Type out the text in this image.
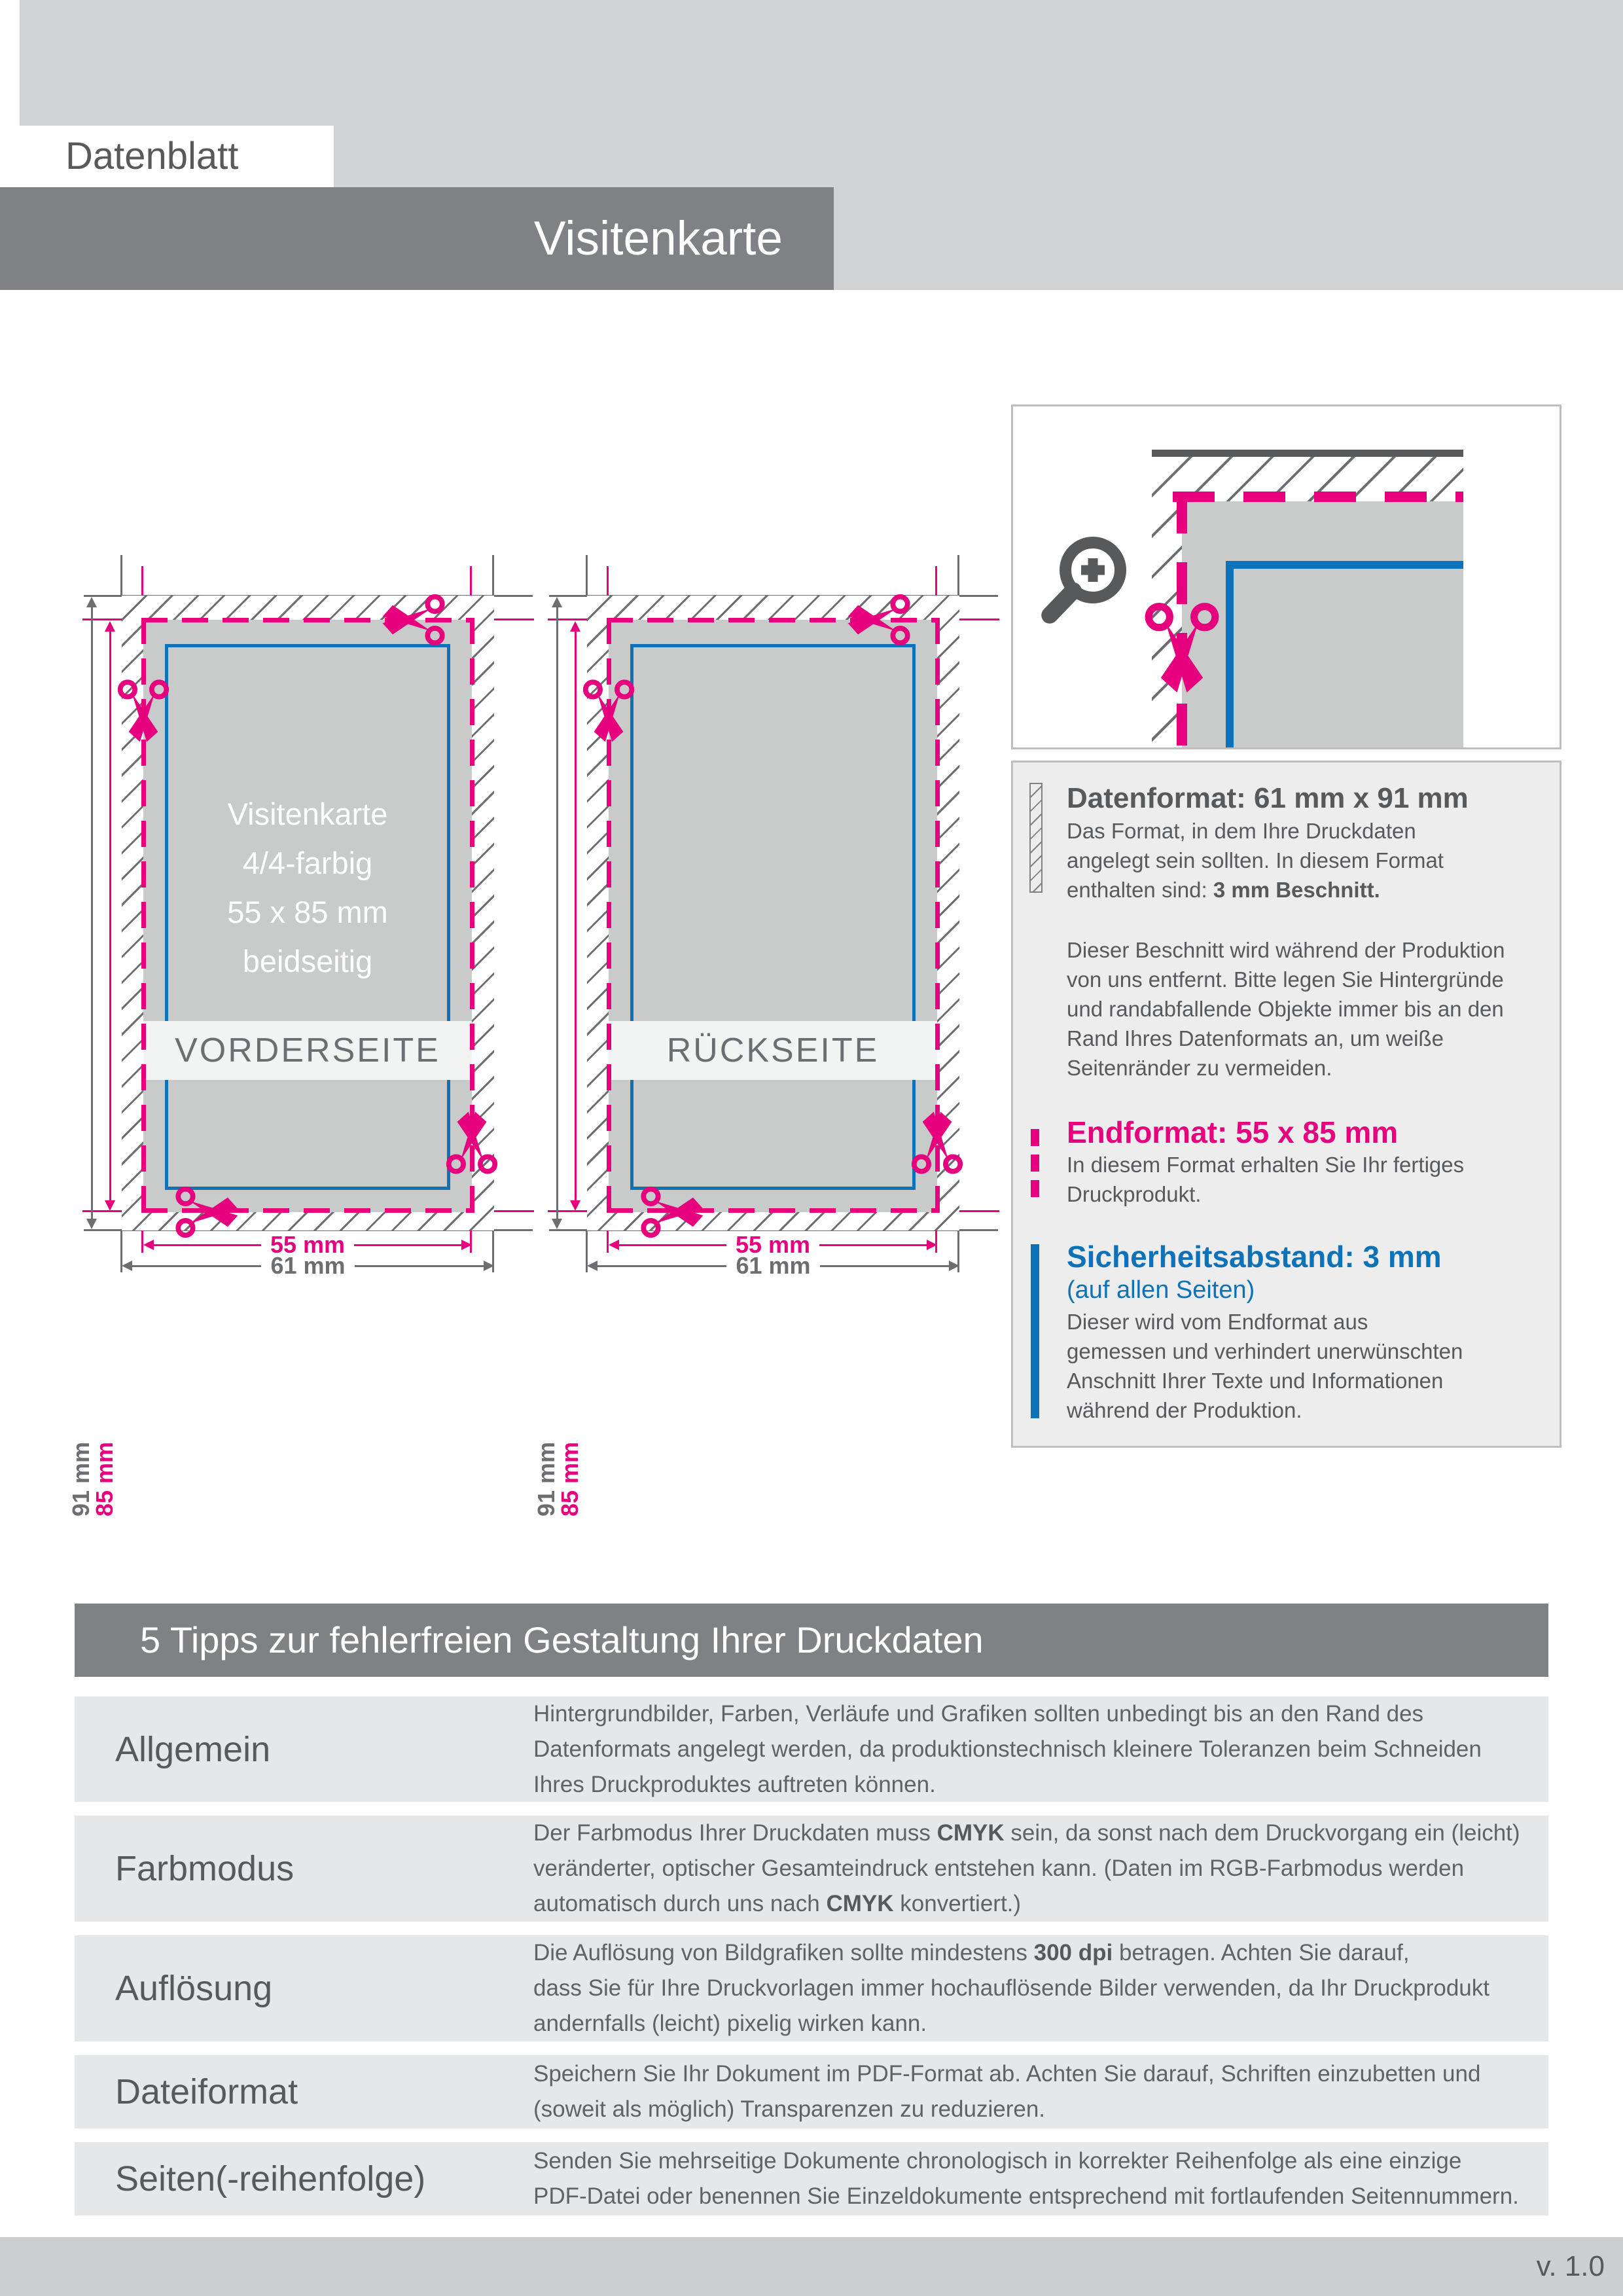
Datenblatt
Visitenkarte
Visitenkarte
4/4-farbig
55 x 85 mm
beidseitig
VORDERSEITE
91 mm
85 mm
55 mm
61 mm
RÜCKSEITE
91 mm
85 mm
55 mm
61 mm
Datenformat: 61 mm x 91 mm
Das Format, in dem Ihre Druckdaten
angelegt sein sollten. In diesem Format
enthalten sind: 3 mm Beschnitt.
Dieser Beschnitt wird während der Produktion
von uns entfernt. Bitte legen Sie Hintergründe
und randabfallende Objekte immer bis an den
Rand Ihres Datenformats an, um weiße
Seitenränder zu vermeiden.
Endformat: 55 x 85 mm
In diesem Format erhalten Sie Ihr fertiges
Druckprodukt.
Sicherheitsabstand: 3 mm
(auf allen Seiten)
Dieser wird vom Endformat aus
gemessen und verhindert unerwünschten
Anschnitt Ihrer Texte und Informationen
während der Produktion.
5 Tipps zur fehlerfreien Gestaltung Ihrer Druckdaten
Allgemein
Hintergrundbilder, Farben, Verläufe und Grafiken sollten unbedingt bis an den Rand des
Datenformats angelegt werden, da produktionstechnisch kleinere Toleranzen beim Schneiden
Ihres Druckproduktes auftreten können.
Farbmodus
Der Farbmodus Ihrer Druckdaten muss CMYK sein, da sonst nach dem Druckvorgang ein (leicht)
veränderter, optischer Gesamteindruck entstehen kann. (Daten im RGB-Farbmodus werden
automatisch durch uns nach CMYK konvertiert.)
Auflösung
Die Auflösung von Bildgrafiken sollte mindestens 300 dpi betragen. Achten Sie darauf,
dass Sie für Ihre Druckvorlagen immer hochauflösende Bilder verwenden, da Ihr Druckprodukt
andernfalls (leicht) pixelig wirken kann.
Dateiformat	Speichern Sie Ihr Dokument im PDF-Format ab. Achten Sie darauf, Schriften einzubetten und
(soweit als möglich) Transparenzen zu reduzieren.
Seiten(-reihenfolge)	Senden Sie mehrseitige Dokumente chronologisch in korrekter Reihenfolge als eine einzige
PDF-Datei oder benennen Sie Einzeldokumente entsprechend mit fortlaufenden Seitennummern.
v. 1.0
